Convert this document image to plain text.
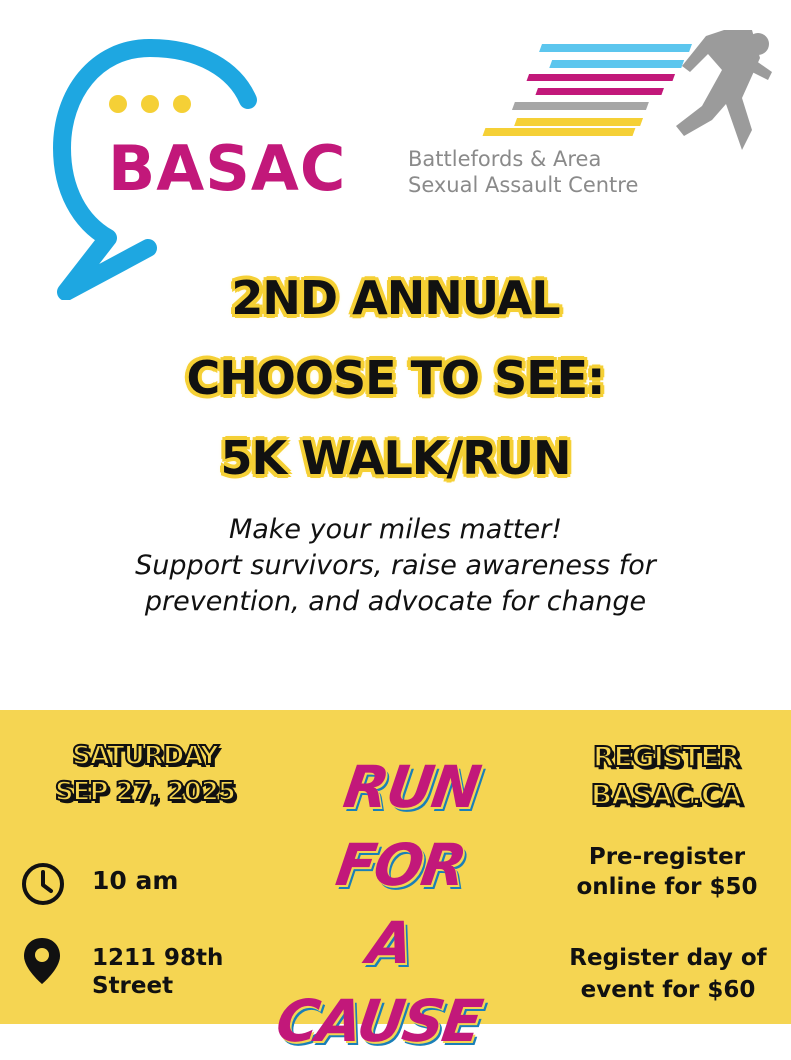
BASAC	Battlefords & Area
Sexual Assault Centre
2ND ANNUAL
CHOOSE TO SEE:
5K WALK/RUN
Make your miles matter!
Support survivors, raise awareness for
prevention, and advocate for change
SATURDAY
SEP 27, 2025
10 am
1211 98th
Street
RUN
FOR
A CAUSE
REGISTER
BASAC.CA
Pre-register
online for $50
Register day of
event for $60
